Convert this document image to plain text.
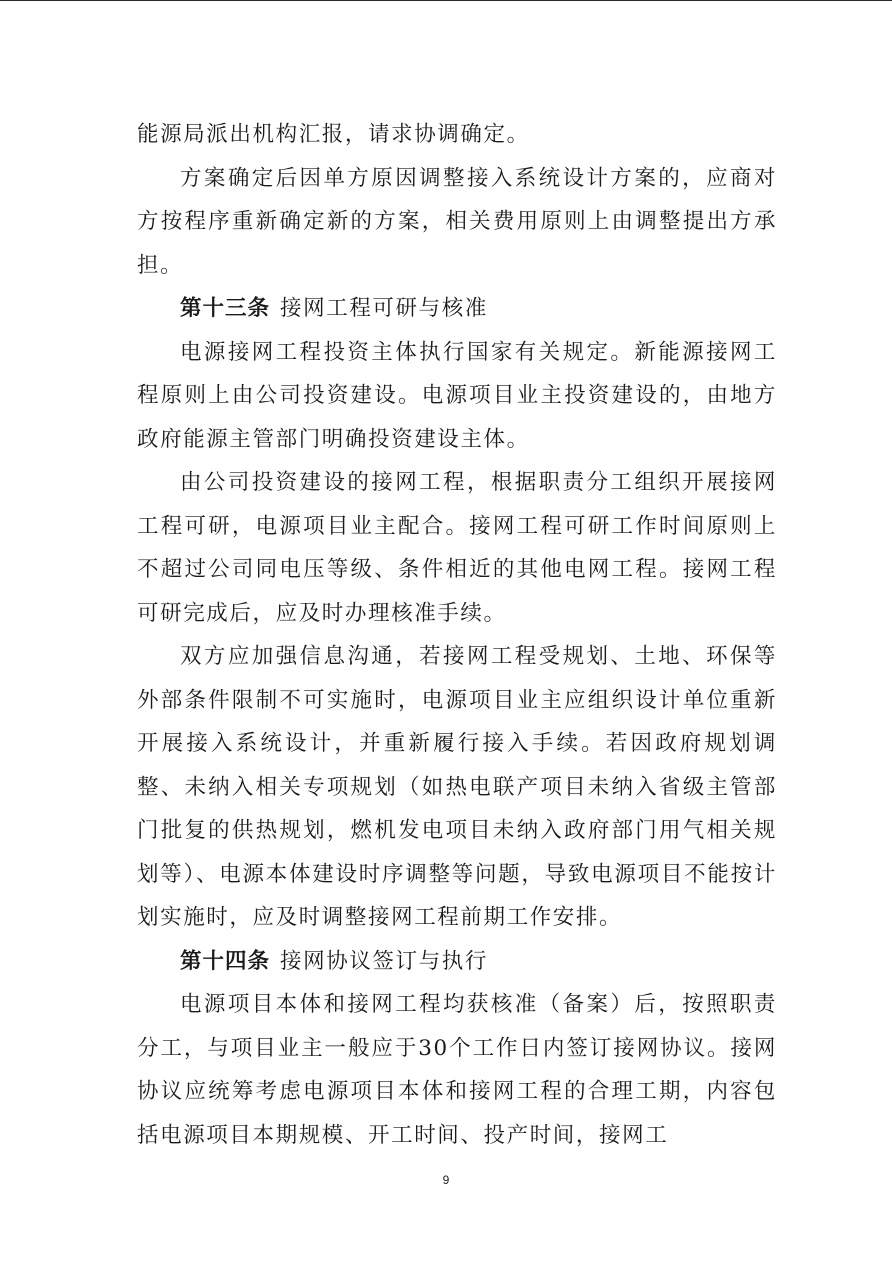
能源局派出机构汇报，请求协调确定。

方案确定后因单方原因调整接入系统设计方案的，应商对方按程序重新确定新的方案，相关费用原则上由调整提出方承担。

第十三条 接网工程可研与核准

电源接网工程投资主体执行国家有关规定。新能源接网工程原则上由公司投资建设。电源项目业主投资建设的，由地方政府能源主管部门明确投资建设主体。

由公司投资建设的接网工程，根据职责分工组织开展接网工程可研，电源项目业主配合。接网工程可研工作时间原则上不超过公司同电压等级、条件相近的其他电网工程。接网工程可研完成后，应及时办理核准手续。

双方应加强信息沟通，若接网工程受规划、土地、环保等外部条件限制不可实施时，电源项目业主应组织设计单位重新开展接入系统设计，并重新履行接入手续。若因政府规划调整、未纳入相关专项规划（如热电联产项目未纳入省级主管部门批复的供热规划，燃机发电项目未纳入政府部门用气相关规划等）、电源本体建设时序调整等问题，导致电源项目不能按计划实施时，应及时调整接网工程前期工作安排。

第十四条 接网协议签订与执行

电源项目本体和接网工程均获核准（备案）后，按照职责分工，与项目业主一般应于30个工作日内签订接网协议。接网协议应统筹考虑电源项目本体和接网工程的合理工期，内容包括电源项目本期规模、开工时间、投产时间，接网工

9
